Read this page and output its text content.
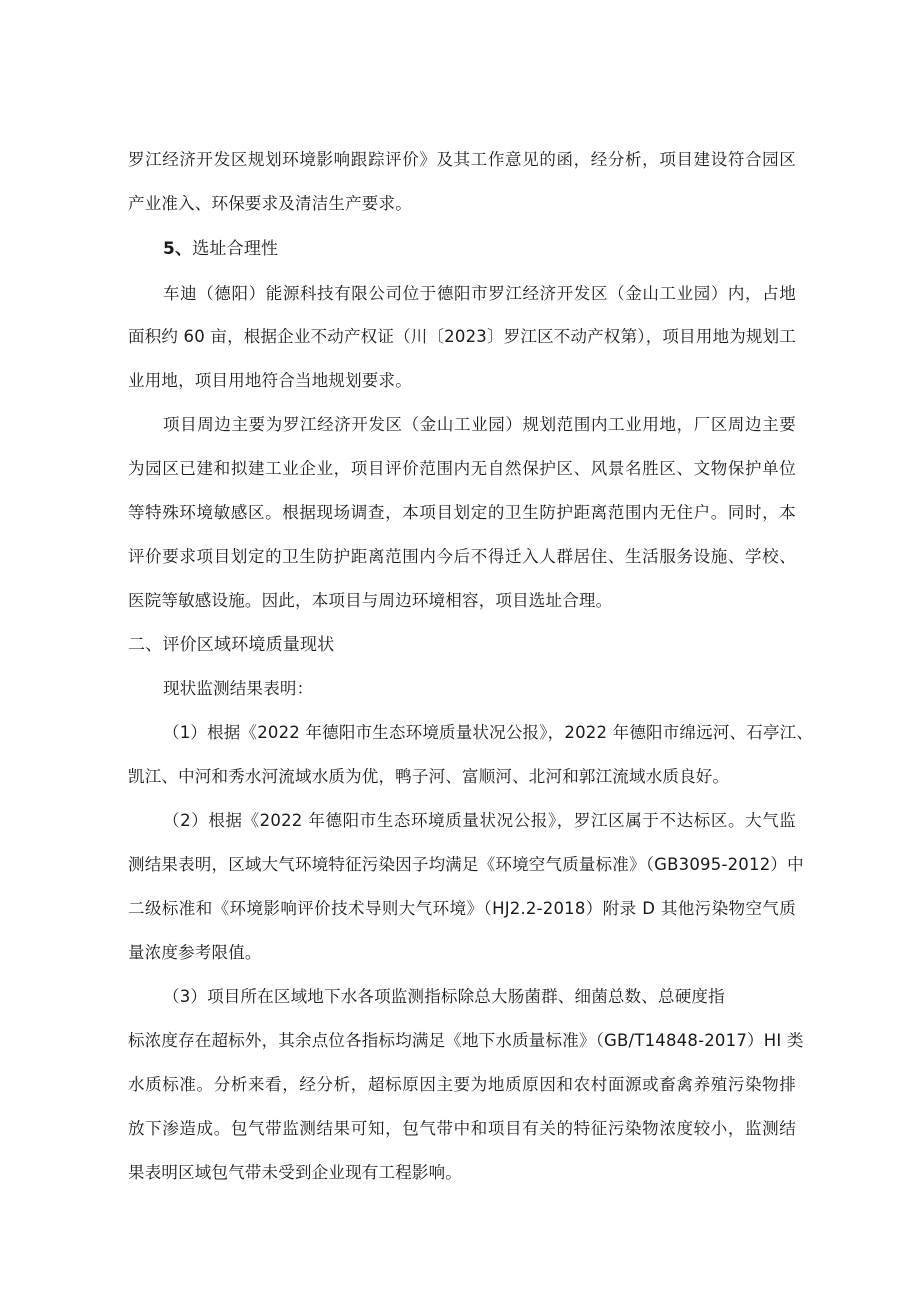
罗江经济开发区规划环境影响跟踪评价》及其工作意见的函，经分析，项目建设符合园区
产业准入、环保要求及清洁生产要求。
5、选址合理性
车迪（德阳）能源科技有限公司位于德阳市罗江经济开发区（金山工业园）内，占地
面积约 60 亩，根据企业不动产权证（川〔2023〕罗江区不动产权第），项目用地为规划工
业用地，项目用地符合当地规划要求。
项目周边主要为罗江经济开发区（金山工业园）规划范围内工业用地，厂区周边主要
为园区已建和拟建工业企业，项目评价范围内无自然保护区、风景名胜区、文物保护单位
等特殊环境敏感区。根据现场调查，本项目划定的卫生防护距离范围内无住户。同时，本
评价要求项目划定的卫生防护距离范围内今后不得迁入人群居住、生活服务设施、学校、
医院等敏感设施。因此，本项目与周边环境相容，项目选址合理。
二、评价区域环境质量现状
现状监测结果表明：
（1）根据《2022 年德阳市生态环境质量状况公报》，2022 年德阳市绵远河、石亭江、
凯江、中河和秀水河流域水质为优，鸭子河、富顺河、北河和郭江流域水质良好。
（2）根据《2022 年德阳市生态环境质量状况公报》，罗江区属于不达标区。大气监
测结果表明，区域大气环境特征污染因子均满足《环境空气质量标准》（GB3095-2012）中
二级标准和《环境影响评价技术导则大气环境》（HJ2.2-2018）附录 D 其他污染物空气质
量浓度参考限值。
（3）项目所在区域地下水各项监测指标除总大肠菌群、细菌总数、总硬度指
标浓度存在超标外，其余点位各指标均满足《地下水质量标准》（GB/T14848-2017）HI 类
水质标准。分析来看，经分析，超标原因主要为地质原因和农村面源或畜禽养殖污染物排
放下渗造成。包气带监测结果可知，包气带中和项目有关的特征污染物浓度较小，监测结
果表明区域包气带未受到企业现有工程影响。
